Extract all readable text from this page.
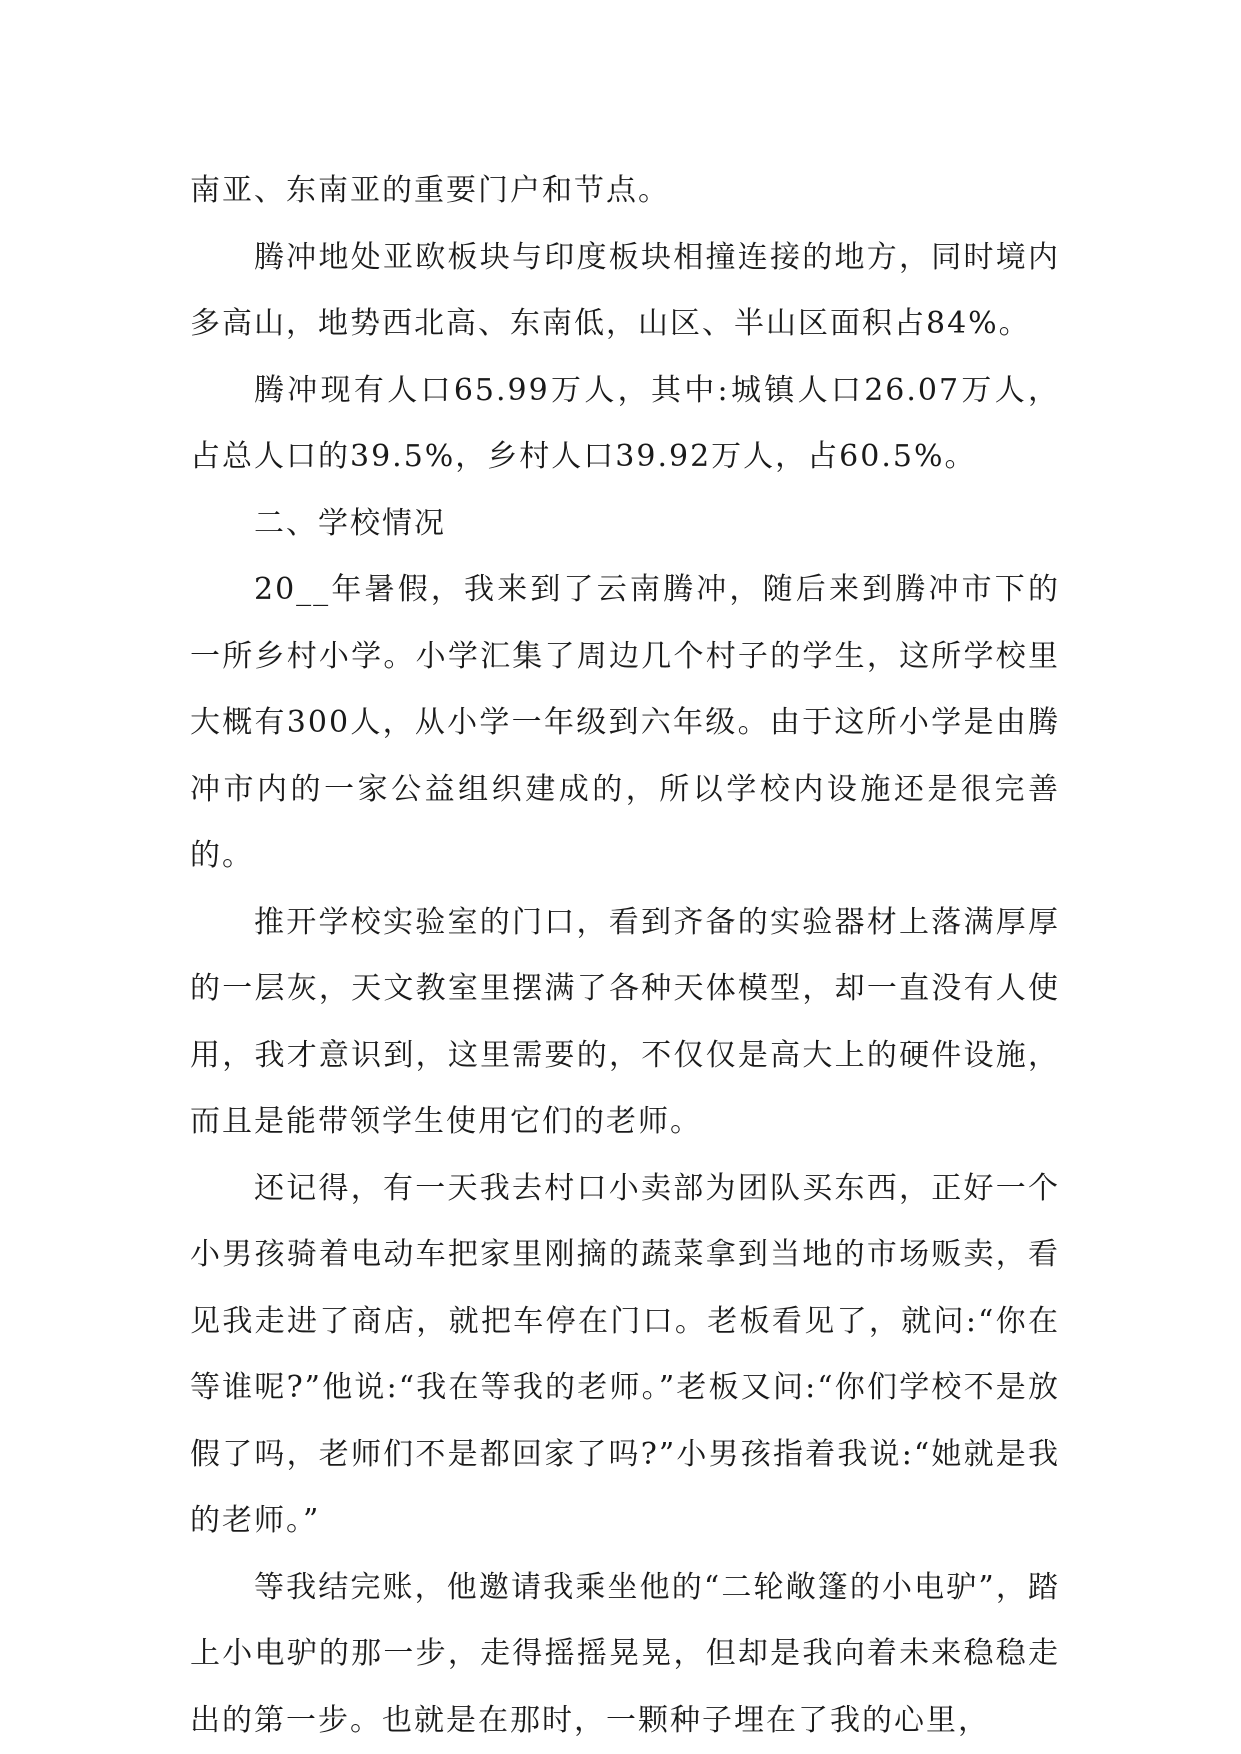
南亚、东南亚的重要门户和节点。

腾冲地处亚欧板块与印度板块相撞连接的地方，同时境内多高山，地势西北高、东南低，山区、半山区面积占84%。

腾冲现有人口65.99万人，其中:城镇人口26.07万人，占总人口的39.5%，乡村人口39.92万人，占60.5%。

二、学校情况

20__年暑假，我来到了云南腾冲，随后来到腾冲市下的一所乡村小学。小学汇集了周边几个村子的学生，这所学校里大概有300人，从小学一年级到六年级。由于这所小学是由腾冲市内的一家公益组织建成的，所以学校内设施还是很完善的。

推开学校实验室的门口，看到齐备的实验器材上落满厚厚的一层灰，天文教室里摆满了各种天体模型，却一直没有人使用，我才意识到，这里需要的，不仅仅是高大上的硬件设施，而且是能带领学生使用它们的老师。

还记得，有一天我去村口小卖部为团队买东西，正好一个小男孩骑着电动车把家里刚摘的蔬菜拿到当地的市场贩卖，看见我走进了商店，就把车停在门口。老板看见了，就问:“你在等谁呢?”他说:“我在等我的老师。”老板又问:“你们学校不是放假了吗，老师们不是都回家了吗?”小男孩指着我说:“她就是我的老师。”

等我结完账，他邀请我乘坐他的“二轮敞篷的小电驴”，踏上小电驴的那一步，走得摇摇晃晃，但却是我向着未来稳稳走出的第一步。也就是在那时，一颗种子埋在了我的心里，
